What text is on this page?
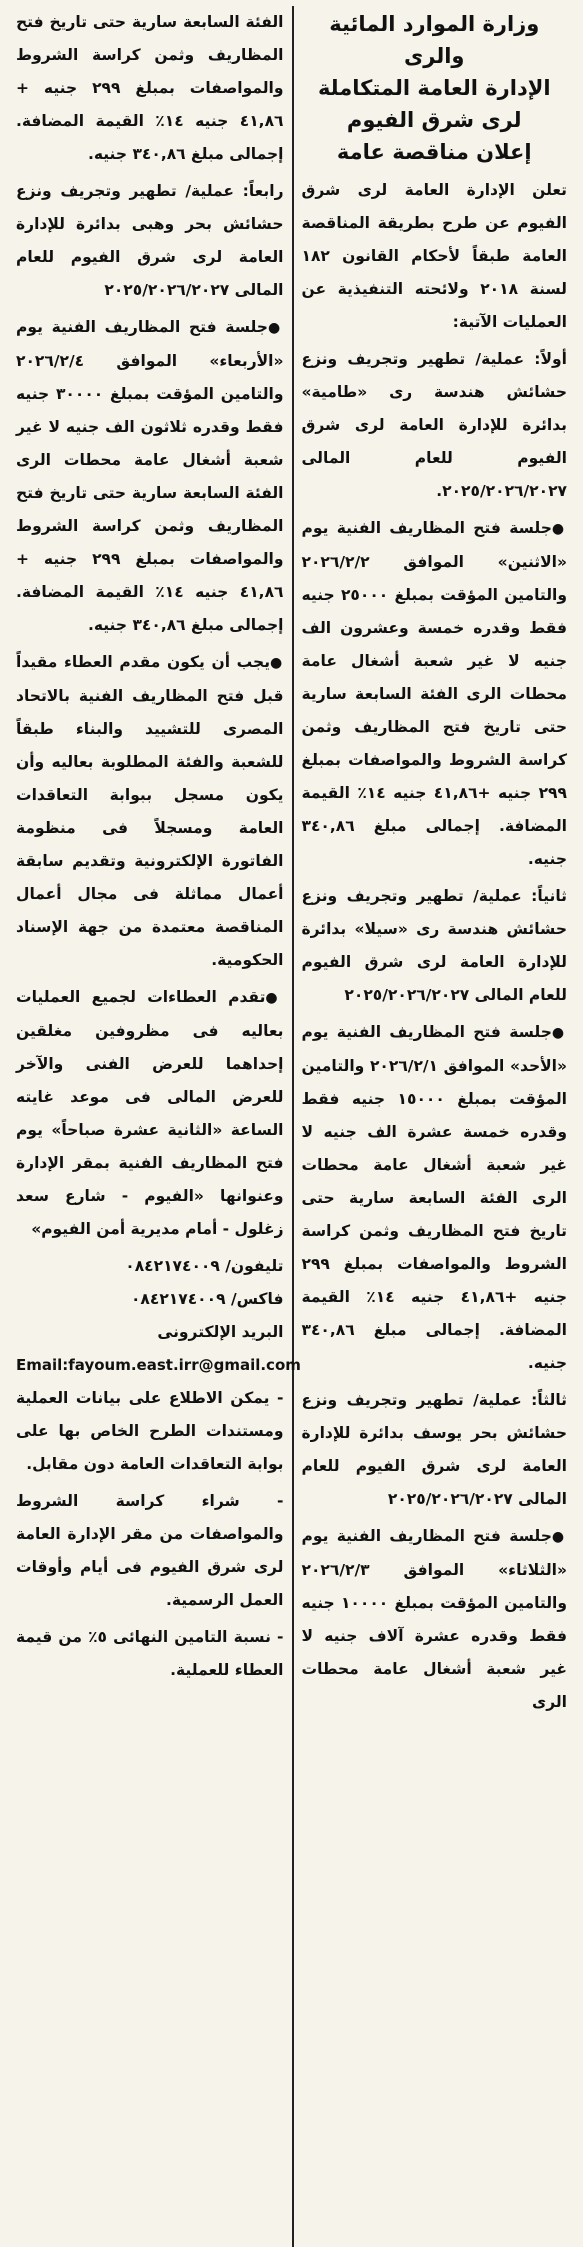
وزارة الموارد المائية والرى
الإدارة العامة المتكاملة
لرى شرق الفيوم
إعلان مناقصة عامة

تعلن الإدارة العامة لرى شرق الفيوم عن طرح بطريقة المناقصة العامة طبقاً لأحكام القانون ١٨٢ لسنة ٢٠١٨ ولائحته التنفيذية عن العمليات الآتية:

أولاً: عملية/ تطهير وتجريف ونزع حشائش هندسة رى «طامية» بدائرة للإدارة العامة لرى شرق الفيوم للعام المالى ٢٠٢٥/٢٠٢٦/٢٠٢٧.

● جلسة فتح المظاريف الفنية يوم «الاثنين» الموافق ٢٠٢٦/٢/٢ والتامين المؤقت بمبلغ ٢٥٠٠٠ جنيه فقط وقدره خمسة وعشرون الف جنيه لا غير شعبة أشغال عامة محطات الرى الفئة السابعة سارية حتى تاريخ فتح المظاريف وثمن كراسة الشروط والمواصفات بمبلغ ٢٩٩ جنيه +٤١,٨٦ جنيه ١٤٪ القيمة المضافة. إجمالى مبلغ ٣٤٠,٨٦ جنيه.

ثانياً: عملية/ تطهير وتجريف ونزع حشائش هندسة رى «سيلا» بدائرة للإدارة العامة لرى شرق الفيوم للعام المالى ٢٠٢٥/٢٠٢٦/٢٠٢٧

● جلسة فتح المظاريف الفنية يوم «الأحد» الموافق ٢٠٢٦/٢/١ والتامين المؤقت بمبلغ ١٥٠٠٠ جنيه فقط وقدره خمسة عشرة الف جنيه لا غير شعبة أشغال عامة محطات الرى الفئة السابعة سارية حتى تاريخ فتح المظاريف وثمن كراسة الشروط والمواصفات بمبلغ ٢٩٩ جنيه +٤١,٨٦ جنيه ١٤٪ القيمة المضافة. إجمالى مبلغ ٣٤٠,٨٦ جنيه.

ثالثاً: عملية/ تطهير وتجريف ونزع حشائش بحر يوسف بدائرة للإدارة العامة لرى شرق الفيوم للعام المالى ٢٠٢٥/٢٠٢٦/٢٠٢٧

● جلسة فتح المظاريف الفنية يوم «الثلاثاء» الموافق ٢٠٢٦/٢/٣ والتامين المؤقت بمبلغ ١٠٠٠٠ جنيه فقط وقدره عشرة آلاف جنيه لا غير شعبة أشغال عامة محطات الرى

الفئة السابعة سارية حتى تاريخ فتح المظاريف وثمن كراسة الشروط والمواصفات بمبلغ ٢٩٩ جنيه + ٤١,٨٦ جنيه ١٤٪ القيمة المضافة. إجمالى مبلغ ٣٤٠,٨٦ جنيه.

رابعاً: عملية/ تطهير وتجريف ونزع حشائش بحر وهبى بدائرة للإدارة العامة لرى شرق الفيوم للعام المالى ٢٠٢٥/٢٠٢٦/٢٠٢٧

● جلسة فتح المظاريف الفنية يوم «الأربعاء» الموافق ٢٠٢٦/٢/٤ والتامين المؤقت بمبلغ ٣٠٠٠٠ جنيه فقط وقدره ثلاثون الف جنيه لا غير شعبة أشغال عامة محطات الرى الفئة السابعة سارية حتى تاريخ فتح المظاريف وثمن كراسة الشروط والمواصفات بمبلغ ٢٩٩ جنيه + ٤١,٨٦ جنيه ١٤٪ القيمة المضافة. إجمالى مبلغ ٣٤٠,٨٦ جنيه.

● يجب أن يكون مقدم العطاء مقيداً قبل فتح المظاريف الفنية بالاتحاد المصرى للتشييد والبناء طبقاً للشعبة والفئة المطلوبة بعاليه وأن يكون مسجل ببوابة التعاقدات العامة ومسجلاً فى منظومة الفاتورة الإلكترونية وتقديم سابقة أعمال مماثلة فى مجال أعمال المناقصة معتمدة من جهة الإسناد الحكومية.

● تقدم العطاءات لجميع العمليات بعاليه فى مظروفين مغلقين إحداهما للعرض الفنى والآخر للعرض المالى فى موعد غايته الساعة «الثانية عشرة صباحاً» يوم فتح المظاريف الفنية بمقر الإدارة وعنوانها «الفيوم - شارع سعد زغلول - أمام مديرية أمن الفيوم»

تليفون/ ٠٨٤٢١٧٤٠٠٩

فاكس/ ٠٨٤٢١٧٤٠٠٩

البريد الإلكترونى

Email:fayoum.east.irr@gmail.com

- يمكن الاطلاع على بيانات العملية ومستندات الطرح الخاص بها على بوابة التعاقدات العامة دون مقابل.

- شراء كراسة الشروط والمواصفات من مقر الإدارة العامة لرى شرق الفيوم فى أيام وأوقات العمل الرسمية.

- نسبة التامين النهائى ٥٪ من قيمة العطاء للعملية.
